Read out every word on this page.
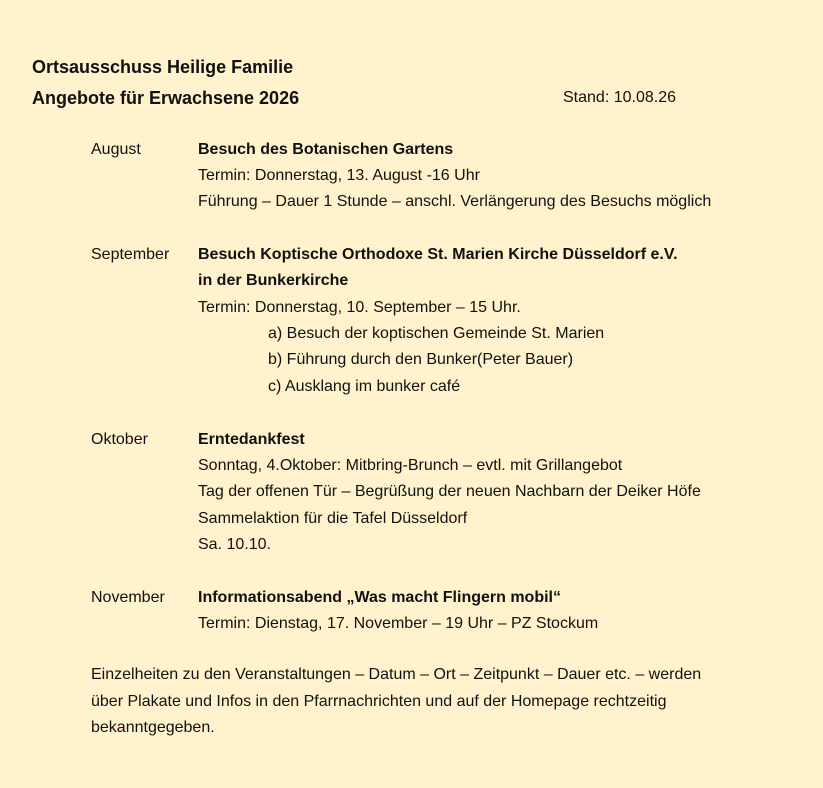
Ortsausschuss Heilige Familie
Angebote für Erwachsene 2026	Stand: 10.08.26
August	Besuch des Botanischen Gartens
Termin: Donnerstag, 13. August -16 Uhr
Führung – Dauer 1 Stunde – anschl. Verlängerung des Besuchs möglich
September Besuch Koptische Orthodoxe St. Marien Kirche Düsseldorf e.V.
in der Bunkerkirche
Termin: Donnerstag, 10. September – 15 Uhr.
a) Besuch der koptischen Gemeinde St. Marien
b) Führung durch den Bunker(Peter Bauer)
c) Ausklang im bunker café
Oktober	Erntedankfest
Sonntag, 4.Oktober: Mitbring-Brunch – evtl. mit Grillangebot
Tag der offenen Tür – Begrüßung der neuen Nachbarn der Deiker Höfe
Sammelaktion für die Tafel Düsseldorf
Sa. 10.10.
November Informationsabend „Was macht Flingern mobil“
Termin: Dienstag, 17. November – 19 Uhr – PZ Stockum
Einzelheiten zu den Veranstaltungen – Datum – Ort – Zeitpunkt – Dauer etc. – werden
über Plakate und Infos in den Pfarrnachrichten und auf der Homepage rechtzeitig
bekanntgegeben.
